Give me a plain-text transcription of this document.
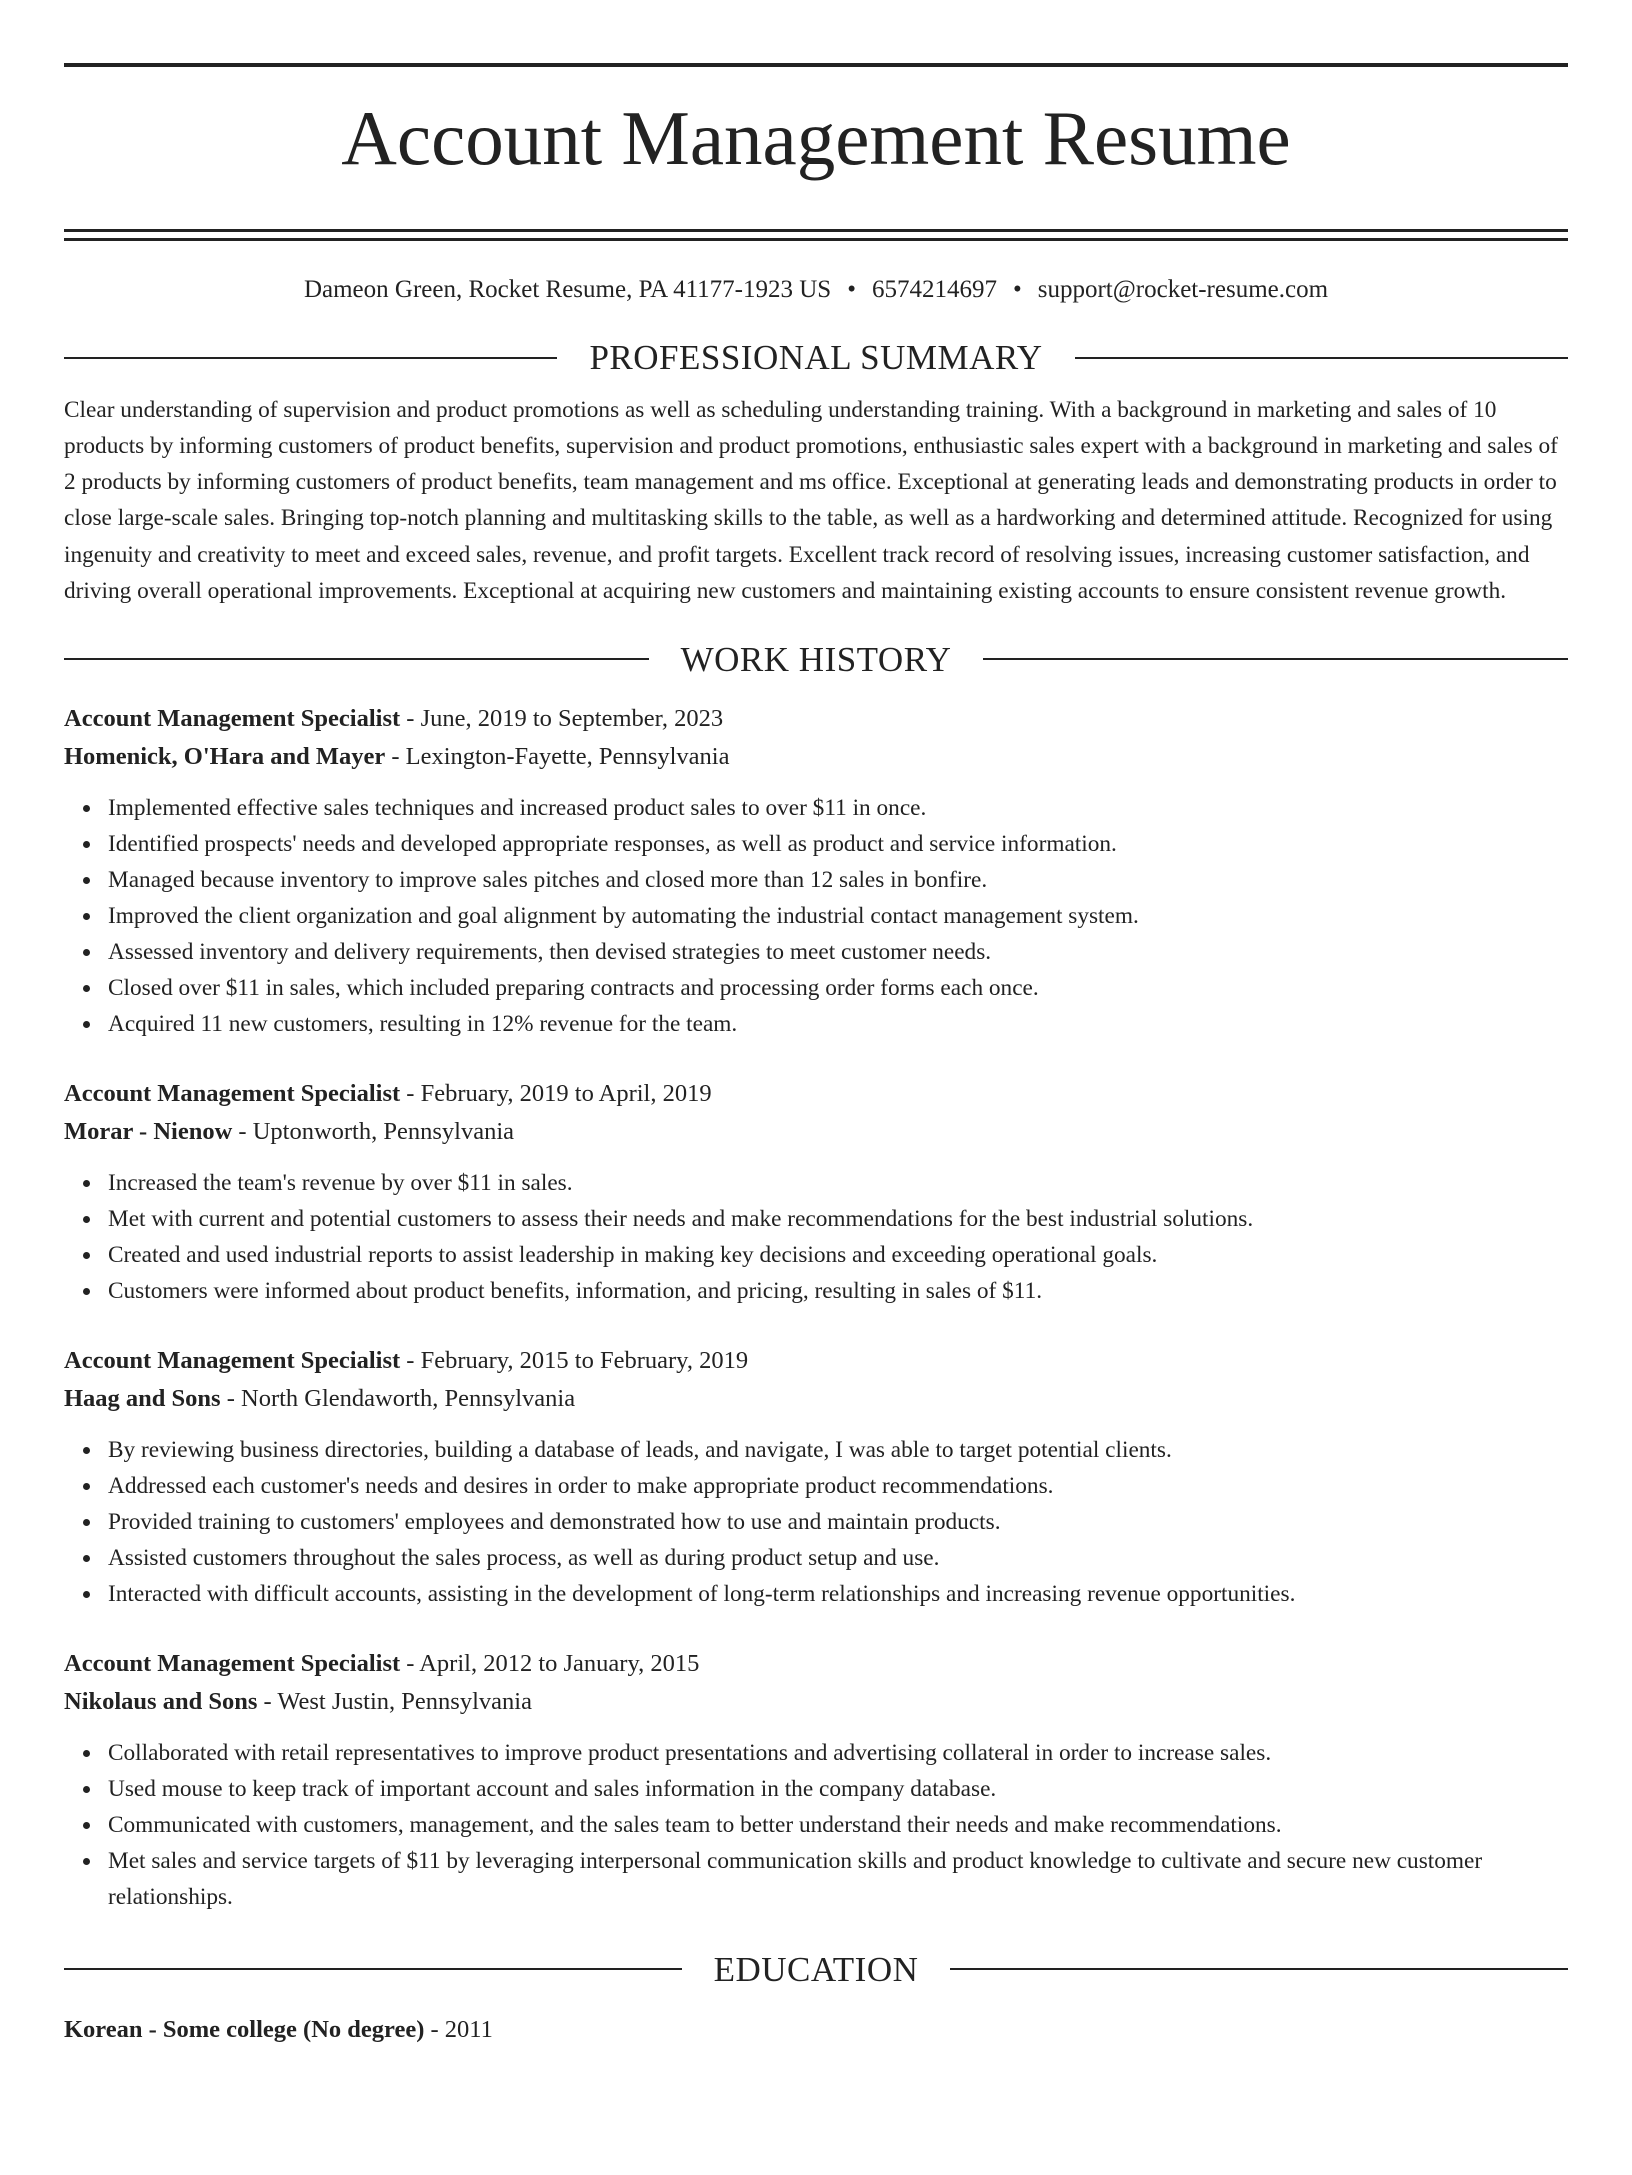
Account Management Resume
Dameon Green, Rocket Resume, PA 41177-1923 US • 6574214697 • support@rocket-resume.com
PROFESSIONAL SUMMARY

Clear understanding of supervision and product promotions as well as scheduling understanding training. With a background in marketing and sales of 10 products by informing customers of product benefits, supervision and product promotions, enthusiastic sales expert with a background in marketing and sales of 2 products by informing customers of product benefits, team management and ms office. Exceptional at generating leads and demonstrating products in order to close large-scale sales. Bringing top-notch planning and multitasking skills to the table, as well as a hardworking and determined attitude. Recognized for using ingenuity and creativity to meet and exceed sales, revenue, and profit targets. Excellent track record of resolving issues, increasing customer satisfaction, and driving overall operational improvements. Exceptional at acquiring new customers and maintaining existing accounts to ensure consistent revenue growth.

WORK HISTORY
Account Management Specialist - June, 2019 to September, 2023
Homenick, O'Hara and Mayer - Lexington-Fayette, Pennsylvania
Implemented effective sales techniques and increased product sales to over $11 in once.
Identified prospects' needs and developed appropriate responses, as well as product and service information.
Managed because inventory to improve sales pitches and closed more than 12 sales in bonfire.
Improved the client organization and goal alignment by automating the industrial contact management system.
Assessed inventory and delivery requirements, then devised strategies to meet customer needs.
Closed over $11 in sales, which included preparing contracts and processing order forms each once.
Acquired 11 new customers, resulting in 12% revenue for the team.
Account Management Specialist - February, 2019 to April, 2019
Morar - Nienow - Uptonworth, Pennsylvania
Increased the team's revenue by over $11 in sales.
Met with current and potential customers to assess their needs and make recommendations for the best industrial solutions.
Created and used industrial reports to assist leadership in making key decisions and exceeding operational goals.
Customers were informed about product benefits, information, and pricing, resulting in sales of $11.
Account Management Specialist - February, 2015 to February, 2019
Haag and Sons - North Glendaworth, Pennsylvania
By reviewing business directories, building a database of leads, and navigate, I was able to target potential clients.
Addressed each customer's needs and desires in order to make appropriate product recommendations.
Provided training to customers' employees and demonstrated how to use and maintain products.
Assisted customers throughout the sales process, as well as during product setup and use.
Interacted with difficult accounts, assisting in the development of long-term relationships and increasing revenue opportunities.
Account Management Specialist - April, 2012 to January, 2015
Nikolaus and Sons - West Justin, Pennsylvania
Collaborated with retail representatives to improve product presentations and advertising collateral in order to increase sales.
Used mouse to keep track of important account and sales information in the company database.
Communicated with customers, management, and the sales team to better understand their needs and make recommendations.
Met sales and service targets of $11 by leveraging interpersonal communication skills and product knowledge to cultivate and secure new customer relationships.
EDUCATION
Korean - Some college (No degree) - 2011
